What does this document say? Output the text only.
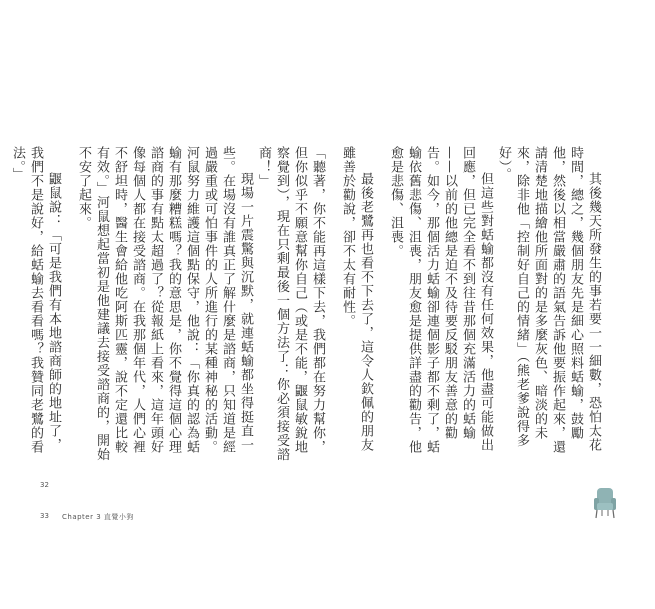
其後幾天所發生的事若要一一細數，恐怕太花時間，總之，幾個朋友先是細心照料蛞蝓，鼓勵他，然後以相當嚴肅的語氣告訴他要振作起來，還請清楚地描繪他所面對的是多麼灰色、暗淡的未來，除非他「控制好自己的情緒」（熊老爹說得多好）。

但這些對蛞蝓都沒有任何效果，他盡可能做出回應，但已完全看不到往昔那個充滿活力的蛞蝓——以前的他總是迫不及待要反駁朋友善意的勸告。如今，那個活力蛞蝓卻連個影子都不剩了，蛞蝓依舊悲傷、沮喪，朋友愈是提供詳盡的勸告，他愈是悲傷、沮喪。

最後老鷺再也看不下去了，這令人欽佩的朋友雖善於勸說，卻不太有耐性。

「聽著，你不能再這樣下去，我們都在努力幫你，但你似乎不願意幫你自己（或是不能，鼴鼠敏銳地察覺到），現在只剩最後一個方法了：你必須接受諮商！」

現場一片震驚與沉默，就連蛞蝓都坐得挺直一些。在場沒有誰真正了解什麼是諮商，只知道是經過嚴重或可怕事件的人所進行的某種神秘的活動。河鼠努力維護這個點保守，他說：「你真的認為蛞蝓有那麼糟糕嗎？我的意思是，你不覺得這個心理諮商的事有點太超過了？從報紙上看來，這年頭好像每個人都在接受諮商。在我那個年代，人們心裡不舒坦時，醫生會給他吃阿斯匹靈，說不定還比較有效。」河鼠想起當初是他建議去接受諮商的，開始不安了起來。

鼴鼠說：「可是我們有本地諮商師的地址了，我們不是說好，給蛞蝓去看看嗎？我贊同老鷺的看法。」

32
33 Chapter 3 直覺小狗
